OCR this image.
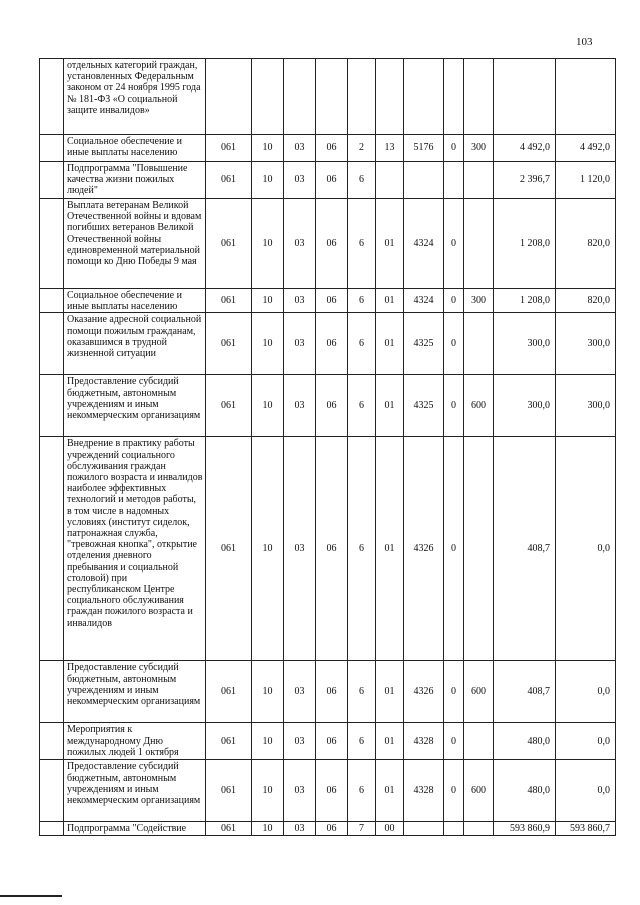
103
	отдельных категорий граждан, установленных Федеральным законом от 24 ноября 1995 года № 181-ФЗ «О социальной защите инвалидов»											
	Социальное обеспечение и иные выплаты населению	061	10	03	06	2	13	5176	0	300	4 492,0	4 492,0
	Подпрограмма "Повышение качества жизни пожилых людей"	061	10	03	06	6					2 396,7	1 120,0
	Выплата ветеранам Великой Отечественной войны и вдовам погибших ветеранов Великой Отечественной войны единовременной материальной помощи ко Дню Победы 9 мая	061	10	03	06	6	01	4324	0		1 208,0	820,0
	Социальное обеспечение и иные выплаты населению	061	10	03	06	6	01	4324	0	300	1 208,0	820,0
	Оказание адресной социальной помощи пожилым гражданам, оказавшимся в трудной жизненной ситуации	061	10	03	06	6	01	4325	0		300,0	300,0
	Предоставление субсидий бюджетным, автономным учреждениям и иным некоммерческим организациям	061	10	03	06	6	01	4325	0	600	300,0	300,0
	Внедрение в практику работы учреждений социального обслуживания граждан пожилого возраста и инвалидов наиболее эффективных технологий и методов работы, в том числе в надомных условиях (институт сиделок, патронажная служба, "тревожная кнопка", открытие отделения дневного пребывания и социальной столовой) при республиканском Центре социального обслуживания граждан пожилого возраста и инвалидов	061	10	03	06	6	01	4326	0		408,7	0,0
	Предоставление субсидий бюджетным, автономным учреждениям и иным некоммерческим организациям	061	10	03	06	6	01	4326	0	600	408,7	0,0
	Мероприятия к международному Дню пожилых людей 1 октября	061	10	03	06	6	01	4328	0		480,0	0,0
	Предоставление субсидий бюджетным, автономным учреждениям и иным некоммерческим организациям	061	10	03	06	6	01	4328	0	600	480,0	0,0
	Подпрограмма "Содействие	061	10	03	06	7	00				593 860,9	593 860,7
